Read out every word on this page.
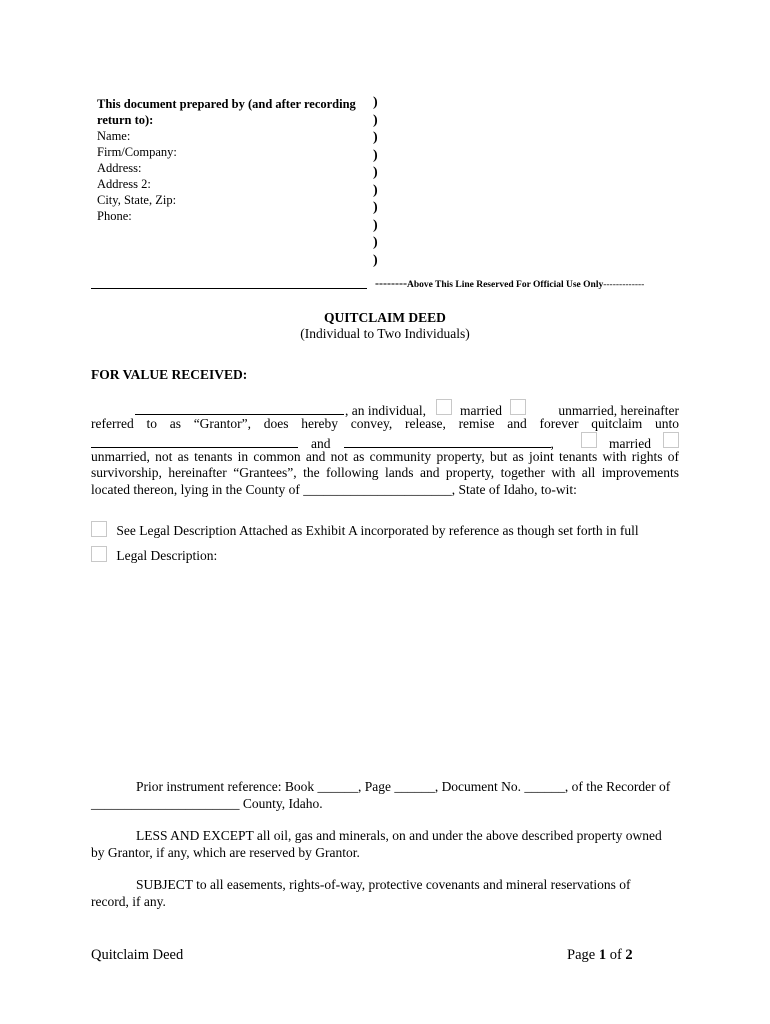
This document prepared by (and after recording
return to):
Name:
Firm/Company:
Address:
Address 2:
City, State, Zip:
Phone:
)
)
)
)
)
)
)
)
)
)
--------Above This Line Reserved For Official Use Only-------------
QUITCLAIM DEED
(Individual to Two Individuals)
FOR VALUE RECEIVED:
, an individual,	married	unmarried, hereinafter
referred to as “Grantor”, does hereby convey, release, remise and forever quitclaim unto
and	,	married
unmarried, not as tenants in common and not as community property, but as joint tenants with rights of
survivorship, hereinafter “Grantees”, the following lands and property, together with all improvements
located thereon, lying in the County of ______________________, State of Idaho, to-wit:
See Legal Description Attached as Exhibit A incorporated by reference as though set forth in full
Legal Description:
Prior instrument reference: Book ______, Page ______, Document No. ______, of the Recorder of
______________________ County, Idaho.
LESS AND EXCEPT all oil, gas and minerals, on and under the above described property owned
by Grantor, if any, which are reserved by Grantor.
SUBJECT to all easements, rights-of-way, protective covenants and mineral reservations of
record, if any.
Quitclaim Deed	Page 1 of 2
